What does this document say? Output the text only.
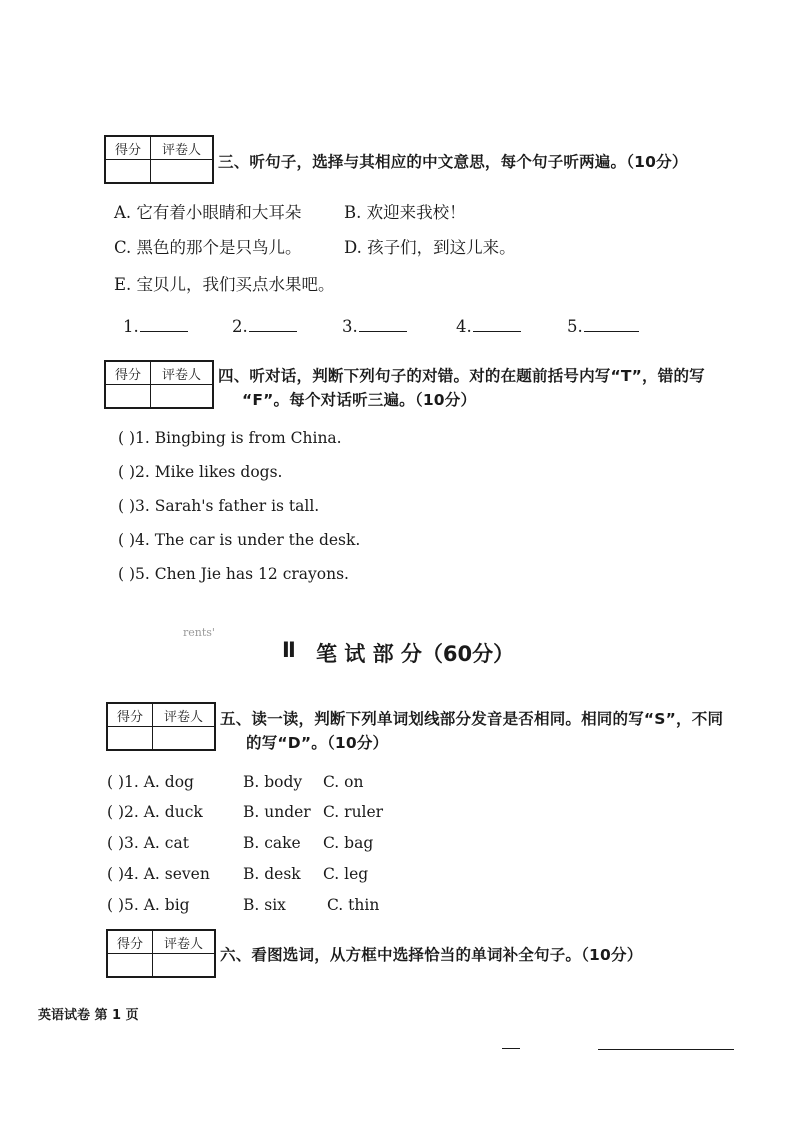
得分	评卷人

三、听句子，选择与其相应的中文意思，每个句子听两遍。（10分）
A. 它有着小眼睛和大耳朵	B. 欢迎来我校！
C. 黑色的那个是只鸟儿。	D. 孩子们，到这儿来。
E. 宝贝儿，我们买点水果吧。
1.	2.	3.	4.	5.
得分	评卷人
	四、听对话，判断下列句子的对错。对的在题前括号内写“T”，错的写
“F”。每个对话听三遍。（10分）
( )1. Bingbing is from China.
( )2. Mike likes dogs.
( )3. Sarah's father is tall.
( )4. The car is under the desk.
( )5. Chen Jie has 12 crayons.
rents'
Ⅱ 笔 试 部 分（60分）
得分	评卷人
	五、读一读，判断下列单词划线部分发音是否相同。相同的写“S”，不同
的写“D”。（10分）
( )1. A. dog	B. body C. on
( )2. A. duck	B. under C. ruler
( )3. A. cat	B. cake C. bag
( )4. A. seven B. desk C. leg
( )5. A. big	B. six	C. thin
得分	评卷人

六、看图选词，从方框中选择恰当的单词补全句子。（10分）
英语试卷 第 1 页
